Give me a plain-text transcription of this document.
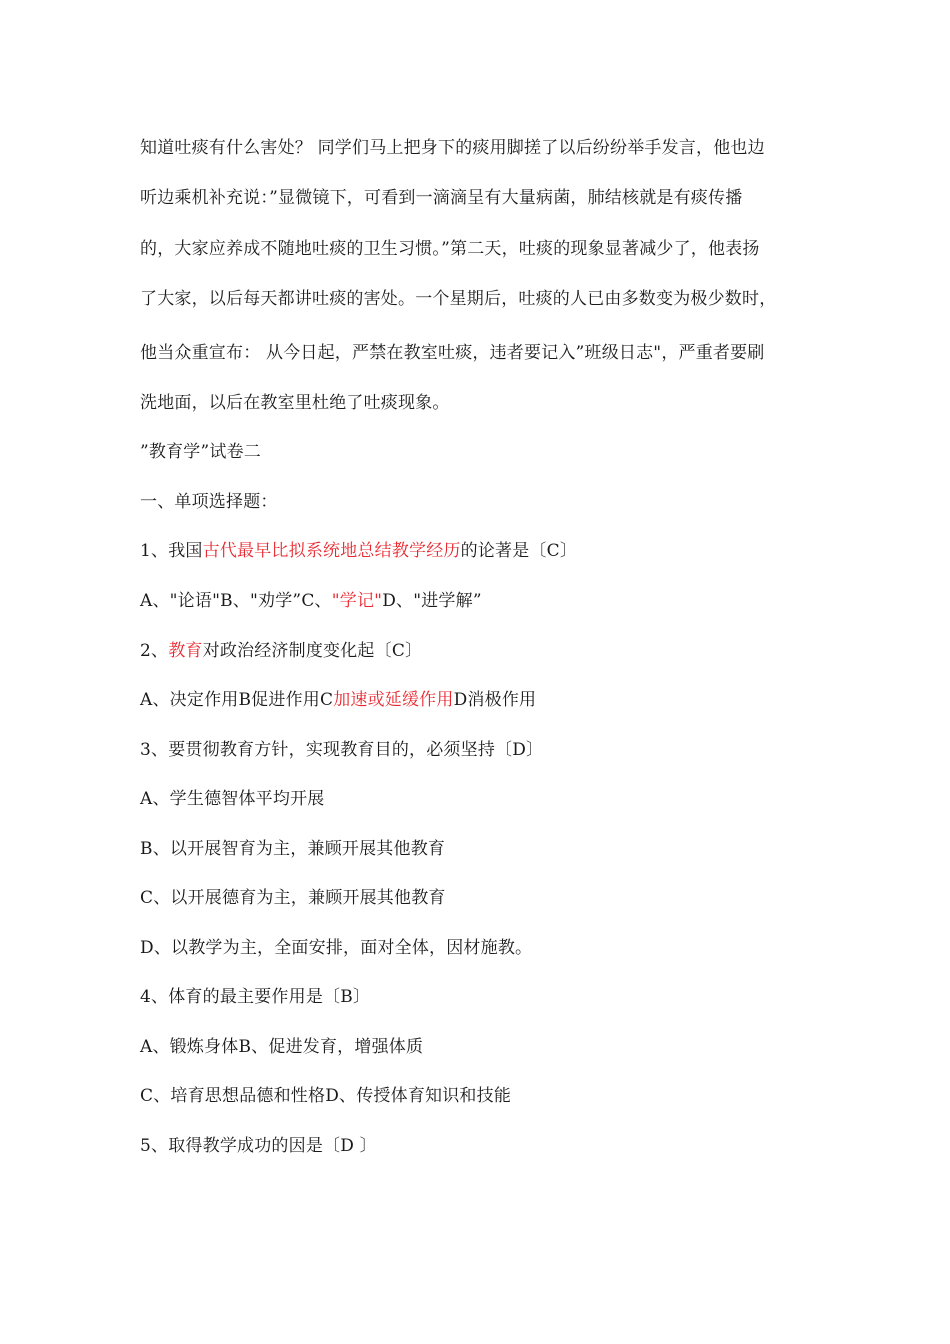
知道吐痰有什么害处？ 同学们马上把身下的痰用脚搓了以后纷纷举手发言，他也边
听边乘机补充说：”显微镜下，可看到一滴滴呈有大量病菌，肺结核就是有痰传播
的，大家应养成不随地吐痰的卫生习惯。”第二天，吐痰的现象显著减少了，他表扬
了大家，以后每天都讲吐痰的害处。一个星期后，吐痰的人已由多数变为极少数时，
他当众重宣布： 从今日起，严禁在教室吐痰，违者要记入”班级日志"，严重者要刷
洗地面，以后在教室里杜绝了吐痰现象。
”教育学”试卷二
一、单项选择题：
1、我国古代最早比拟系统地总结教学经历的论著是〔C〕
A、"论语"B、"劝学”C、"学记"D、"进学解”
2、教育对政治经济制度变化起〔C〕
A、决定作用B促进作用C加速或延缓作用D消极作用
3、要贯彻教育方针，实现教育目的，必须坚持〔D〕
A、学生德智体平均开展
B、以开展智育为主，兼顾开展其他教育
C、以开展德育为主，兼顾开展其他教育
D、以教学为主，全面安排，面对全体，因材施教。
4、体育的最主要作用是〔B〕
A、锻炼身体B、促进发育，增强体质
C、培育思想品德和性格D、传授体育知识和技能
5、取得教学成功的因是〔D 〕
